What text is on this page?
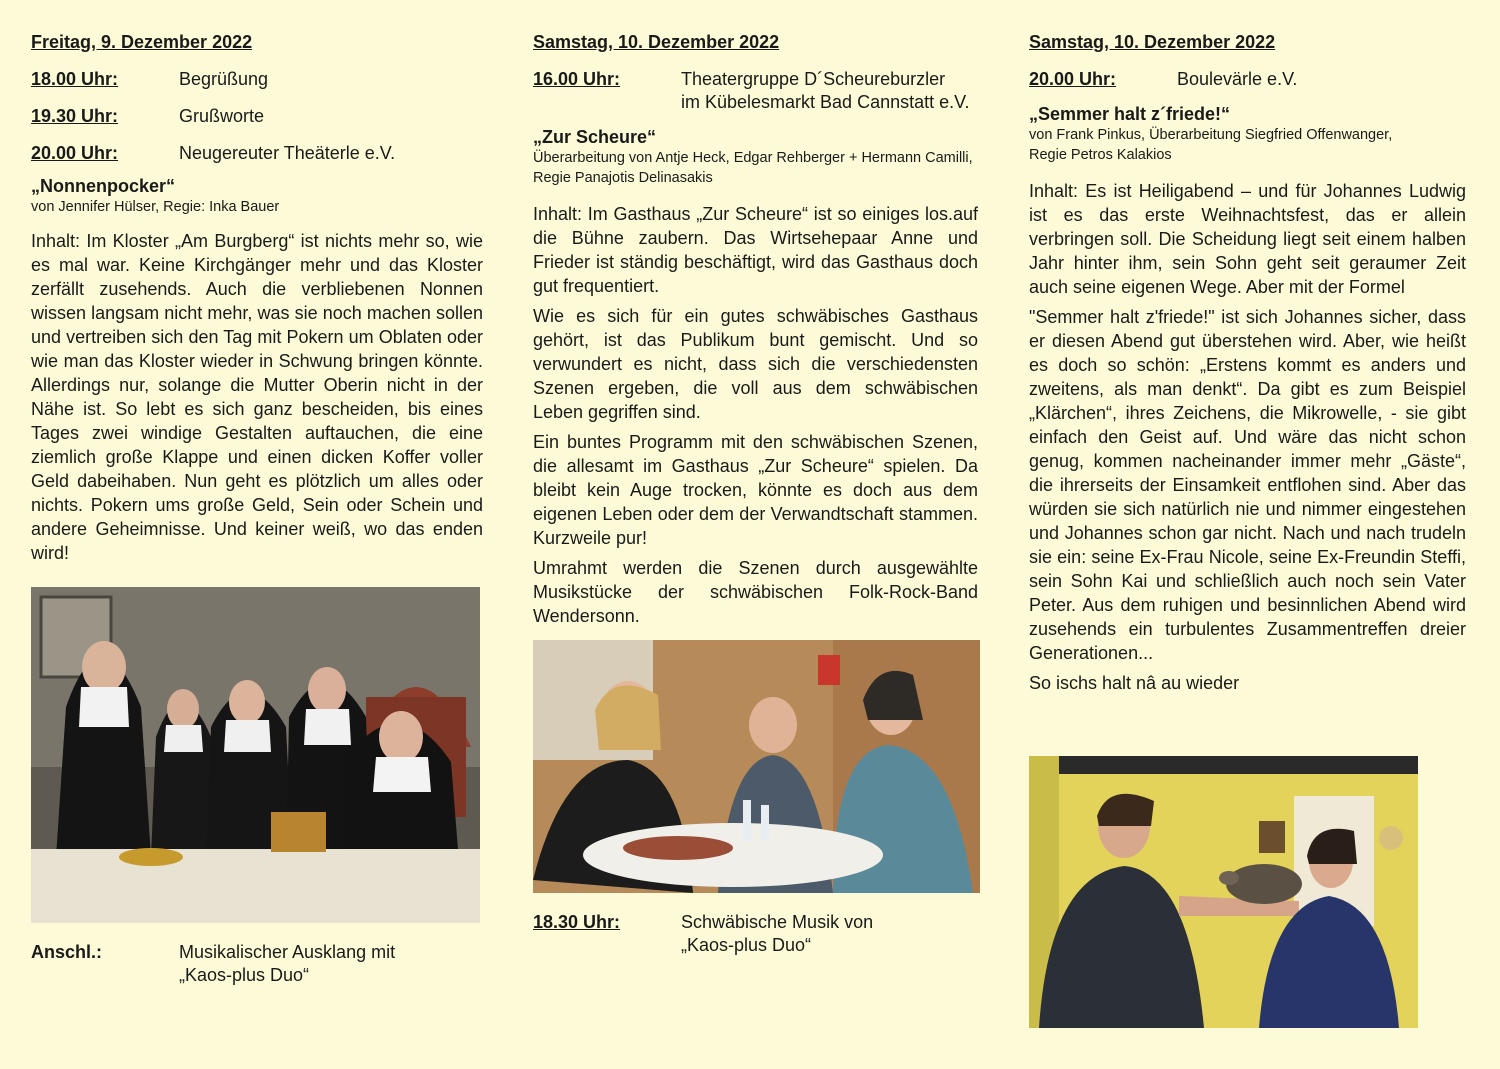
Freitag, 9. Dezember 2022
18.00 Uhr:	Begrüßung
19.30 Uhr:	Grußworte
20.00 Uhr:	Neugereuter Theäterle e.V.
„Nonnenpocker“
von Jennifer Hülser, Regie: Inka Bauer
Inhalt: Im Kloster „Am Burgberg“ ist nichts mehr so, wie es mal war. Keine Kirchgänger mehr und das Kloster zerfällt zusehends. Auch die verbliebenen Nonnen wissen langsam nicht mehr, was sie noch machen sollen und vertreiben sich den Tag mit Pokern um Oblaten oder wie man das Kloster wieder in Schwung bringen könnte. Allerdings nur, solange die Mutter Oberin nicht in der Nähe ist. So lebt es sich ganz bescheiden, bis eines Tages zwei windige Gestalten auftauchen, die eine ziemlich große Klappe und einen dicken Koffer voller Geld dabeihaben. Nun geht es plötzlich um alles oder nichts. Pokern ums große Geld, Sein oder Schein und andere Geheimnisse. Und keiner weiß, wo das enden wird!
Anschl.:	Musikalischer Ausklang mit
„Kaos-plus Duo“
Samstag, 10. Dezember 2022
16.00 Uhr:	Theatergruppe D´Scheureburzler
im Kübelesmarkt Bad Cannstatt e.V.
„Zur Scheure“
Überarbeitung von Antje Heck, Edgar Rehberger + Hermann Camilli, Regie Panajotis Delinasakis
Inhalt: Im Gasthaus „Zur Scheure“ ist so einiges los.auf die Bühne zaubern. Das Wirtsehepaar Anne und Frieder ist ständig beschäftigt, wird das Gasthaus doch gut frequentiert.
Wie es sich für ein gutes schwäbisches Gasthaus gehört, ist das Publikum bunt gemischt. Und so verwundert es nicht, dass sich die verschiedensten Szenen ergeben, die voll aus dem schwäbischen Leben gegriffen sind.
Ein buntes Programm mit den schwäbischen Szenen, die allesamt im Gasthaus „Zur Scheure“ spielen. Da bleibt kein Auge trocken, könnte es doch aus dem eigenen Leben oder dem der Verwandtschaft stammen. Kurzweile pur!
Umrahmt werden die Szenen durch ausgewählte Musikstücke der schwäbischen Folk-Rock-Band Wendersonn.
18.30 Uhr:	Schwäbische Musik von
„Kaos-plus Duo“
Samstag, 10. Dezember 2022
20.00 Uhr:	Boulevärle e.V.
„Semmer halt z´friede!“
von Frank Pinkus, Überarbeitung Siegfried Offenwanger,
Regie Petros Kalakios
Inhalt: Es ist Heiligabend – und für Johannes Ludwig ist es das erste Weihnachtsfest, das er allein verbringen soll. Die Scheidung liegt seit einem halben Jahr hinter ihm, sein Sohn geht seit geraumer Zeit auch seine eigenen Wege. Aber mit der Formel
"Semmer halt z'friede!" ist sich Johannes sicher, dass er diesen Abend gut überstehen wird. Aber, wie heißt es doch so schön: „Erstens kommt es anders und zweitens, als man denkt“. Da gibt es zum Beispiel „Klärchen“, ihres Zeichens, die Mikrowelle, - sie gibt einfach den Geist auf. Und wäre das nicht schon genug, kommen nacheinander immer mehr „Gäste“, die ihrerseits der Einsamkeit entflohen sind. Aber das würden sie sich natürlich nie und nimmer eingestehen und Johannes schon gar nicht. Nach und nach trudeln sie ein: seine Ex-Frau Nicole, seine Ex-Freundin Steffi, sein Sohn Kai und schließlich auch noch sein Vater Peter. Aus dem ruhigen und besinnlichen Abend wird zusehends ein turbulentes Zusammentreffen dreier Generationen...
So ischs halt nâ au wieder
